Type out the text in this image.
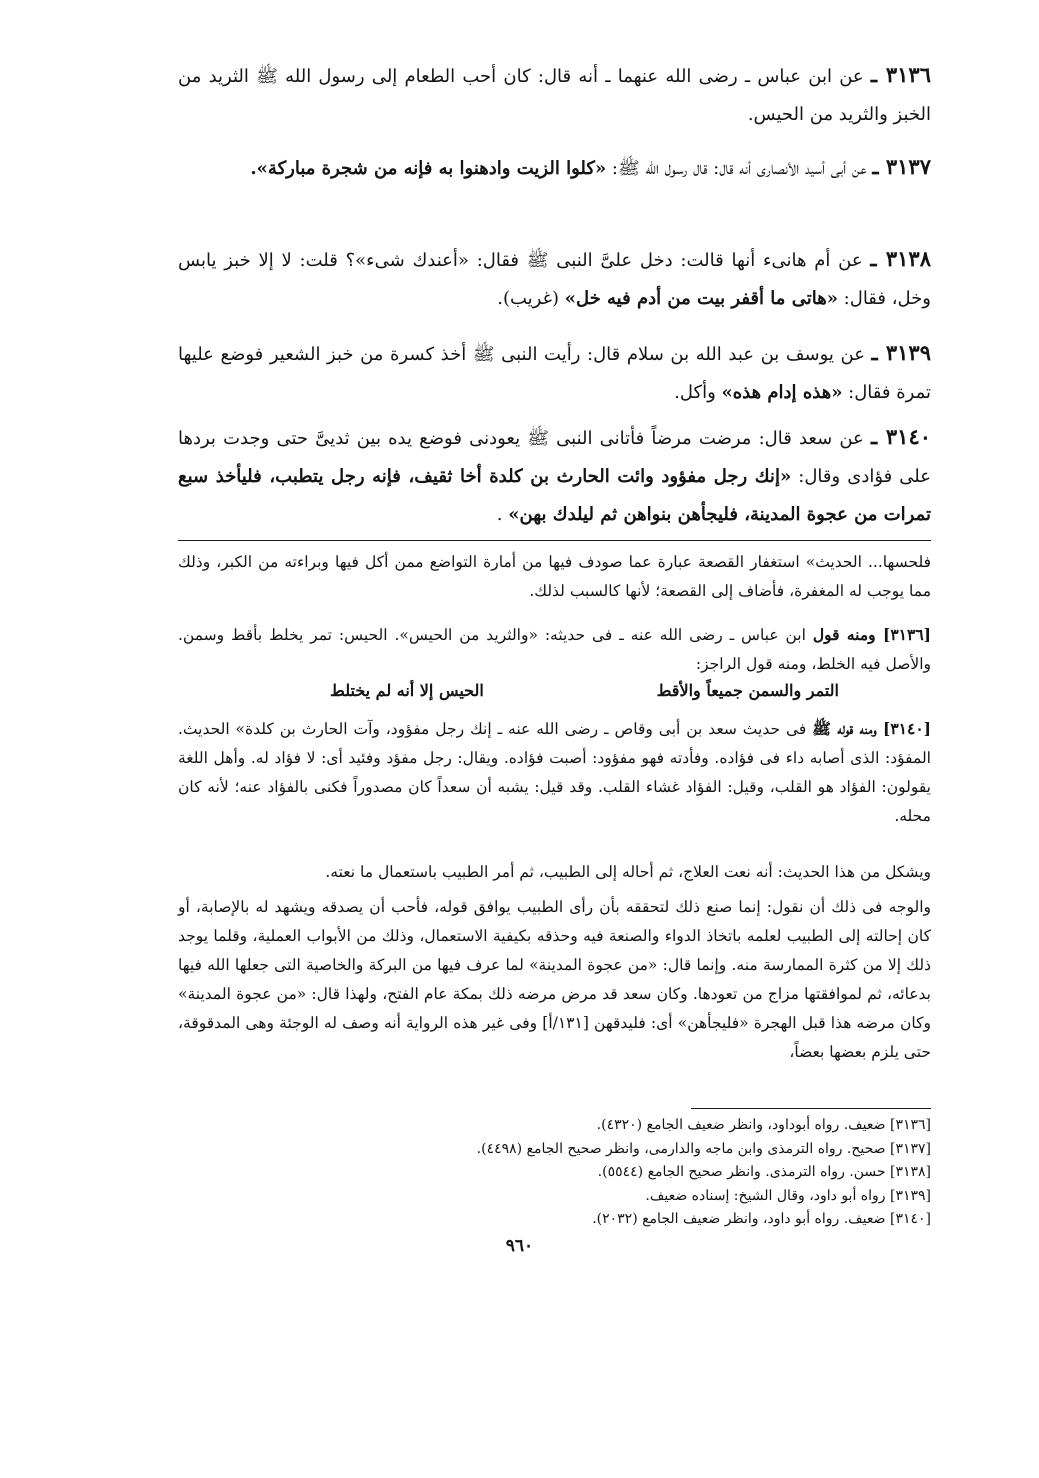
٣١٣٦ ـ عن ابن عباس ـ رضى الله عنهما ـ أنه قال: كان أحب الطعام إلى رسول الله ﷺ الثريد من الخبز والثريد من الحيس.
٣١٣٧ ـ عن أبى أسيد الأنصارى أنه قال: قال رسول الله ﷺ: «كلوا الزيت وادهنوا به فإنه من شجرة مباركة».
٣١٣٨ ـ عن أم هانىء أنها قالت: دخل علىَّ النبى ﷺ فقال: «أعندك شىء»؟ قلت: لا إلا خبز يابس وخل، فقال: «هاتى ما أقفر بيت من أدم فيه خل» (غريب).
٣١٣٩ ـ عن يوسف بن عبد الله بن سلام قال: رأيت النبى ﷺ أخذ كسرة من خبز الشعير فوضع عليها تمرة فقال: «هذه إدام هذه» وأكل.
٣١٤٠ ـ عن سعد قال: مرضت مرضاً فأتانى النبى ﷺ يعودنى فوضع يده بين ثديىَّ حتى وجدت بردها على فؤادى وقال: «إنك رجل مفؤود وائت الحارث بن كلدة أخا ثقيف، فإنه رجل يتطبب، فليأخذ سبع تمرات من عجوة المدينة، فليجأهن بنواهن ثم ليلدك بهن» .
فلحسها... الحديث» استغفار القصعة عبارة عما صودف فيها من أمارة التواضع ممن أكل فيها وبراءته من الكبر، وذلك مما يوجب له المغفرة، فأضاف إلى القصعة؛ لأنها كالسبب لذلك.
[٣١٣٦] ومنه قول ابن عباس ـ رضى الله عنه ـ فى حديثه: «والثريد من الحيس». الحيس: تمر يخلط بأقط وسمن. والأصل فيه الخلط، ومنه قول الراجز:
التمر والسمن جميعاً والأقط
الحيس إلا أنه لم يختلط
[٣١٤٠] ومنه قوله ﷺ فى حديث سعد بن أبى وقاص ـ رضى الله عنه ـ إنك رجل مفؤود، وآت الحارث بن كلدة» الحديث. المفؤد: الذى أصابه داء فى فؤاده. وفأدته فهو مفؤود: أصبت فؤاده. ويقال: رجل مفؤد وفئيد أى: لا فؤاد له. وأهل اللغة يقولون: الفؤاد هو القلب، وقيل: الفؤاد غشاء القلب. وقد قيل: يشبه أن سعداً كان مصدوراً فكنى بالفؤاد عنه؛ لأنه كان محله.
ويشكل من هذا الحديث: أنه نعت العلاج، ثم أحاله إلى الطبيب، ثم أمر الطبيب باستعمال ما نعته.
والوجه فى ذلك أن نقول: إنما صنع ذلك لتحققه بأن رأى الطبيب يوافق قوله، فأحب أن يصدقه ويشهد له بالإصابة، أو كان إحالته إلى الطبيب لعلمه باتخاذ الدواء والصنعة فيه وحذقه بكيفية الاستعمال، وذلك من الأبواب العملية، وقلما يوجد ذلك إلا من كثرة الممارسة منه. وإنما قال: «من عجوة المدينة» لما عرف فيها من البركة والخاصية التى جعلها الله فيها بدعائه، ثم لموافقتها مزاج من تعودها. وكان سعد قد مرض مرضه ذلك بمكة عام الفتح، ولهذا قال: «من عجوة المدينة» وكان مرضه هذا قبل الهجرة «فليجأهن» أى: فليدقهن [١٣١/أ] وفى غير هذه الرواية أنه وصف له الوجئة وهى المدقوقة، حتى يلزم بعضها بعضاً،
[٣١٣٦] ضعيف. رواه أبوداود، وانظر ضعيف الجامع (٤٣٢٠).
[٣١٣٧] صحيح. رواه الترمذى وابن ماجه والدارمى، وانظر صحيح الجامع (٤٤٩٨).
[٣١٣٨] حسن. رواه الترمذى. وانظر صحيح الجامع (٥٥٤٤).
[٣١٣٩] رواه أبو داود، وقال الشيخ: إسناده ضعيف.
[٣١٤٠] ضعيف. رواه أبو داود، وانظر ضعيف الجامع (٢٠٣٢).
٩٦٠
